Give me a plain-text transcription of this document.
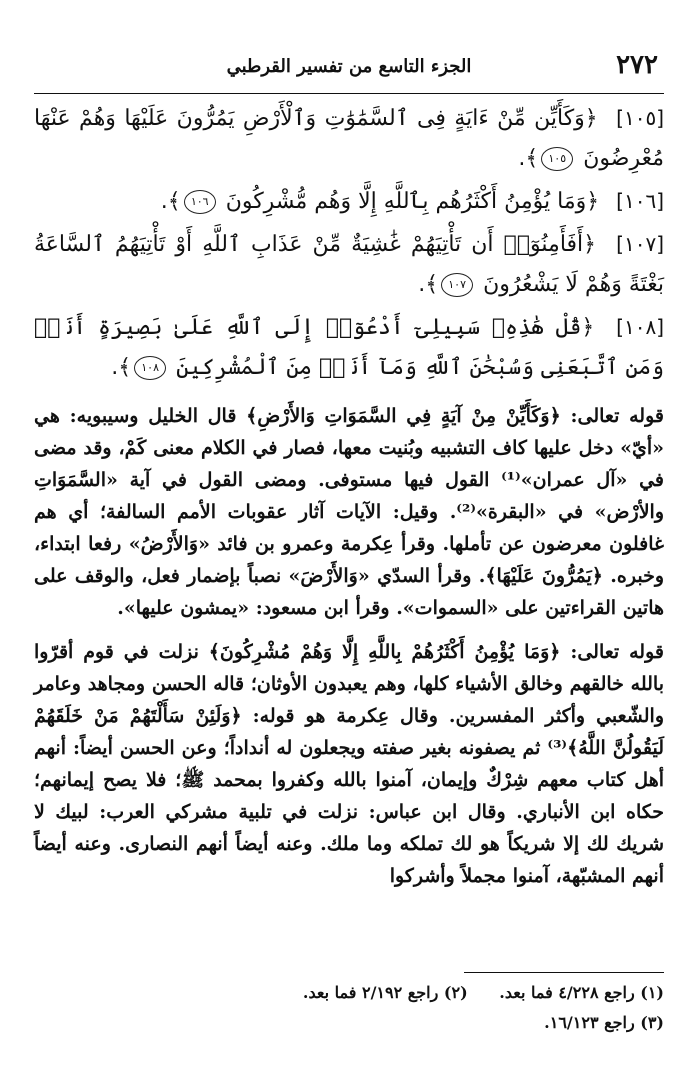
٢٧٢
الجزء التاسع من تفسير القرطبي

[١٠٥] ﴿وَكَأَيِّن مِّنْ ءَايَةٍ فِى ٱلسَّمَٰوَٰتِ وَٱلْأَرْضِ يَمُرُّونَ عَلَيْهَا وَهُمْ عَنْهَا مُعْرِضُونَ ١٠٥﴾.

[١٠٦] ﴿وَمَا يُؤْمِنُ أَكْثَرُهُم بِٱللَّهِ إِلَّا وَهُم مُّشْرِكُونَ ١٠٦﴾.

[١٠٧] ﴿أَفَأَمِنُوٓا۟ أَن تَأْتِيَهُمْ غَٰشِيَةٌ مِّنْ عَذَابِ ٱللَّهِ أَوْ تَأْتِيَهُمُ ٱلسَّاعَةُ بَغْتَةً وَهُمْ لَا يَشْعُرُونَ ١٠٧﴾.

[١٠٨] ﴿قُلْ هَٰذِهِۦ سَبِيلِىٓ أَدْعُوٓا۟ إِلَى ٱللَّهِ عَلَىٰ بَصِيرَةٍ أَنَا۠ وَمَنِ ٱتَّبَعَنِى وَسُبْحَٰنَ ٱللَّهِ وَمَآ أَنَا۠ مِنَ ٱلْمُشْرِكِينَ ١٠٨﴾.

قوله تعالى: ﴿وَكَأَيِّنْ مِنْ آيَةٍ فِي السَّمَوَاتِ وَالأَرْضِ﴾ قال الخليل وسيبويه: هي «أيّ» دخل عليها كاف التشبيه وبُنيت معها، فصار في الكلام معنى كَمْ، وقد مضى في «آل عمران»⁽¹⁾ القول فيها مستوفى. ومضى القول في آية «السَّمَوَاتِ والأرْض» في «البقرة»⁽²⁾. وقيل: الآيات آثار عقوبات الأمم السالفة؛ أي هم غافلون معرضون عن تأملها. وقرأ عِكرمة وعمرو بن فائد «وَالأَرْضُ» رفعا ابتداء، وخبره. ﴿يَمُرُّونَ عَلَيْهَا﴾. وقرأ السدّي «وَالأَرْضَ» نصباً بإضمار فعل، والوقف على هاتين القراءتين على «السموات». وقرأ ابن مسعود: «يمشون عليها».

قوله تعالى: ﴿وَمَا يُؤْمِنُ أَكْثَرُهُمْ بِاللَّهِ إِلَّا وَهُمْ مُشْرِكُونَ﴾ نزلت في قوم أقرّوا بالله خالقهم وخالق الأشياء كلها، وهم يعبدون الأوثان؛ قاله الحسن ومجاهد وعامر والشّعبي وأكثر المفسرين. وقال عِكرمة هو قوله: ﴿وَلَئِنْ سَأَلْتَهُمْ مَنْ خَلَقَهُمْ لَيَقُولُنَّ اللَّهُ﴾⁽³⁾ ثم يصفونه بغير صفته ويجعلون له أنداداً؛ وعن الحسن أيضاً: أنهم أهل كتاب معهم شِرْكٌ وإيمان، آمنوا بالله وكفروا بمحمد ﷺ؛ فلا يصح إيمانهم؛ حكاه ابن الأنباري. وقال ابن عباس: نزلت في تلبية مشركي العرب: لبيك لا شريك لك إلا شريكاً هو لك تملكه وما ملك. وعنه أيضاً أنهم النصارى. وعنه أيضاً أنهم المشبّهة، آمنوا مجملاً وأشركوا

(١) راجع ٤/٢٢٨ فما بعد. (٢) راجع ٢/١٩٢ فما بعد.
(٣) راجع ١٦/١٢٣.
